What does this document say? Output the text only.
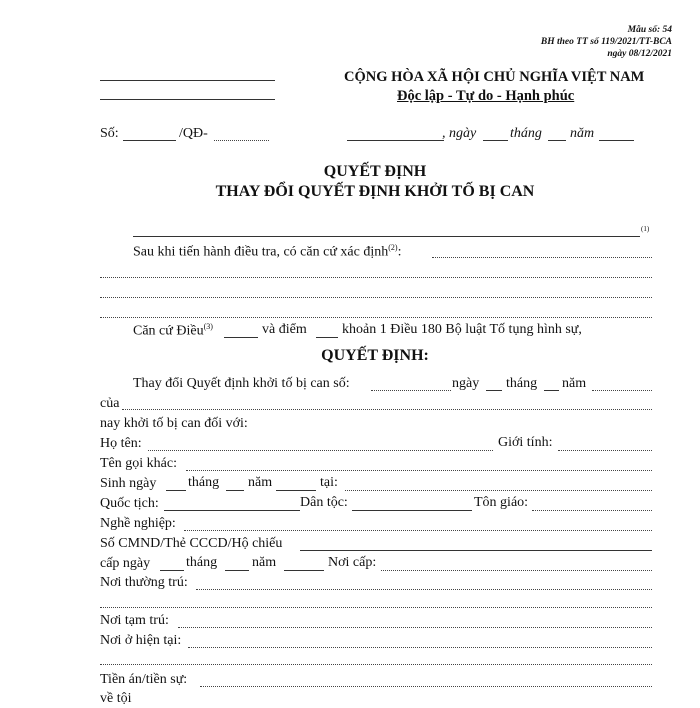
Mẫu số: 54
BH theo TT số 119/2021/TT-BCA
ngày 08/12/2021
CỘNG HÒA XÃ HỘI CHỦ NGHĨA VIỆT NAM
Độc lập - Tự do - Hạnh phúc
Số:	/QĐ-	, ngày tháng năm
QUYẾT ĐỊNH
THAY ĐỔI QUYẾT ĐỊNH KHỞI TỐ BỊ CAN
(1)
Sau khi tiến hành điều tra, có căn cứ xác định$^{(2)}$:
Căn cứ Điều$^{(3)}$	và điểm	khoản 1 Điều 180 Bộ luật Tố tụng hình sự,
QUYẾT ĐỊNH:
Thay đổi Quyết định khởi tố bị can số:	ngày tháng năm
của
nay khởi tố bị can đối với:
Họ tên:	Giới tính:
Tên gọi khác:
Sinh ngày tháng năm	tại:
Quốc tịch:	Dân tộc:	Tôn giáo:
Nghề nghiệp:
Số CMND/Thẻ CCCD/Hộ chiếu
cấp ngày	tháng năm	Nơi cấp:
Nơi thường trú:
Nơi tạm trú:
Nơi ở hiện tại:
Tiền án/tiền sự:
về tội
